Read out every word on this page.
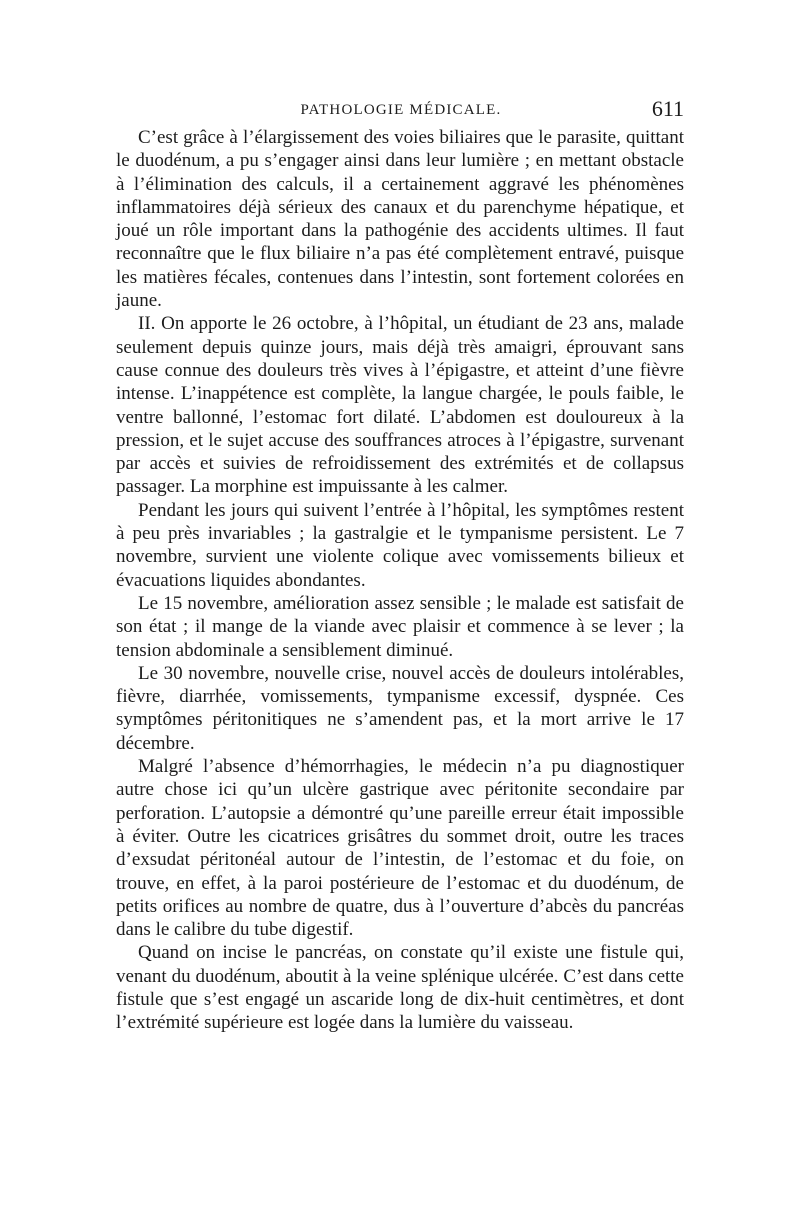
PATHOLOGIE MÉDICALE.	611

C’est grâce à l’élargissement des voies biliaires que le parasite, quittant le duodénum, a pu s’engager ainsi dans leur lumière ; en mettant obstacle à l’élimination des calculs, il a certainement aggravé les phénomènes inflammatoires déjà sérieux des canaux et du parenchyme hépatique, et joué un rôle important dans la pathogénie des accidents ultimes. Il faut reconnaître que le flux biliaire n’a pas été complètement entravé, puisque les matières fécales, contenues dans l’intestin, sont fortement colorées en jaune.

II. On apporte le 26 octobre, à l’hôpital, un étudiant de 23 ans, malade seulement depuis quinze jours, mais déjà très amaigri, éprouvant sans cause connue des douleurs très vives à l’épigastre, et atteint d’une fièvre intense. L’inappétence est complète, la langue chargée, le pouls faible, le ventre ballonné, l’estomac fort dilaté. L’abdomen est douloureux à la pression, et le sujet accuse des souffrances atroces à l’épigastre, survenant par accès et suivies de refroidissement des extrémités et de collapsus passager. La morphine est impuissante à les calmer.

Pendant les jours qui suivent l’entrée à l’hôpital, les symptômes restent à peu près invariables ; la gastralgie et le tympanisme persistent. Le 7 novembre, survient une violente colique avec vomissements bilieux et évacuations liquides abondantes.

Le 15 novembre, amélioration assez sensible ; le malade est satisfait de son état ; il mange de la viande avec plaisir et commence à se lever ; la tension abdominale a sensiblement diminué.

Le 30 novembre, nouvelle crise, nouvel accès de douleurs intolérables, fièvre, diarrhée, vomissements, tympanisme excessif, dyspnée. Ces symptômes péritonitiques ne s’amendent pas, et la mort arrive le 17 décembre.

Malgré l’absence d’hémorrhagies, le médecin n’a pu diagnostiquer autre chose ici qu’un ulcère gastrique avec péritonite secondaire par perforation. L’autopsie a démontré qu’une pareille erreur était impossible à éviter. Outre les cicatrices grisâtres du sommet droit, outre les traces d’exsudat péritonéal autour de l’intestin, de l’estomac et du foie, on trouve, en effet, à la paroi postérieure de l’estomac et du duodénum, de petits orifices au nombre de quatre, dus à l’ouverture d’abcès du pancréas dans le calibre du tube digestif.

Quand on incise le pancréas, on constate qu’il existe une fistule qui, venant du duodénum, aboutit à la veine splénique ulcérée. C’est dans cette fistule que s’est engagé un ascaride long de dix-huit centimètres, et dont l’extrémité supérieure est logée dans la lumière du vaisseau.
